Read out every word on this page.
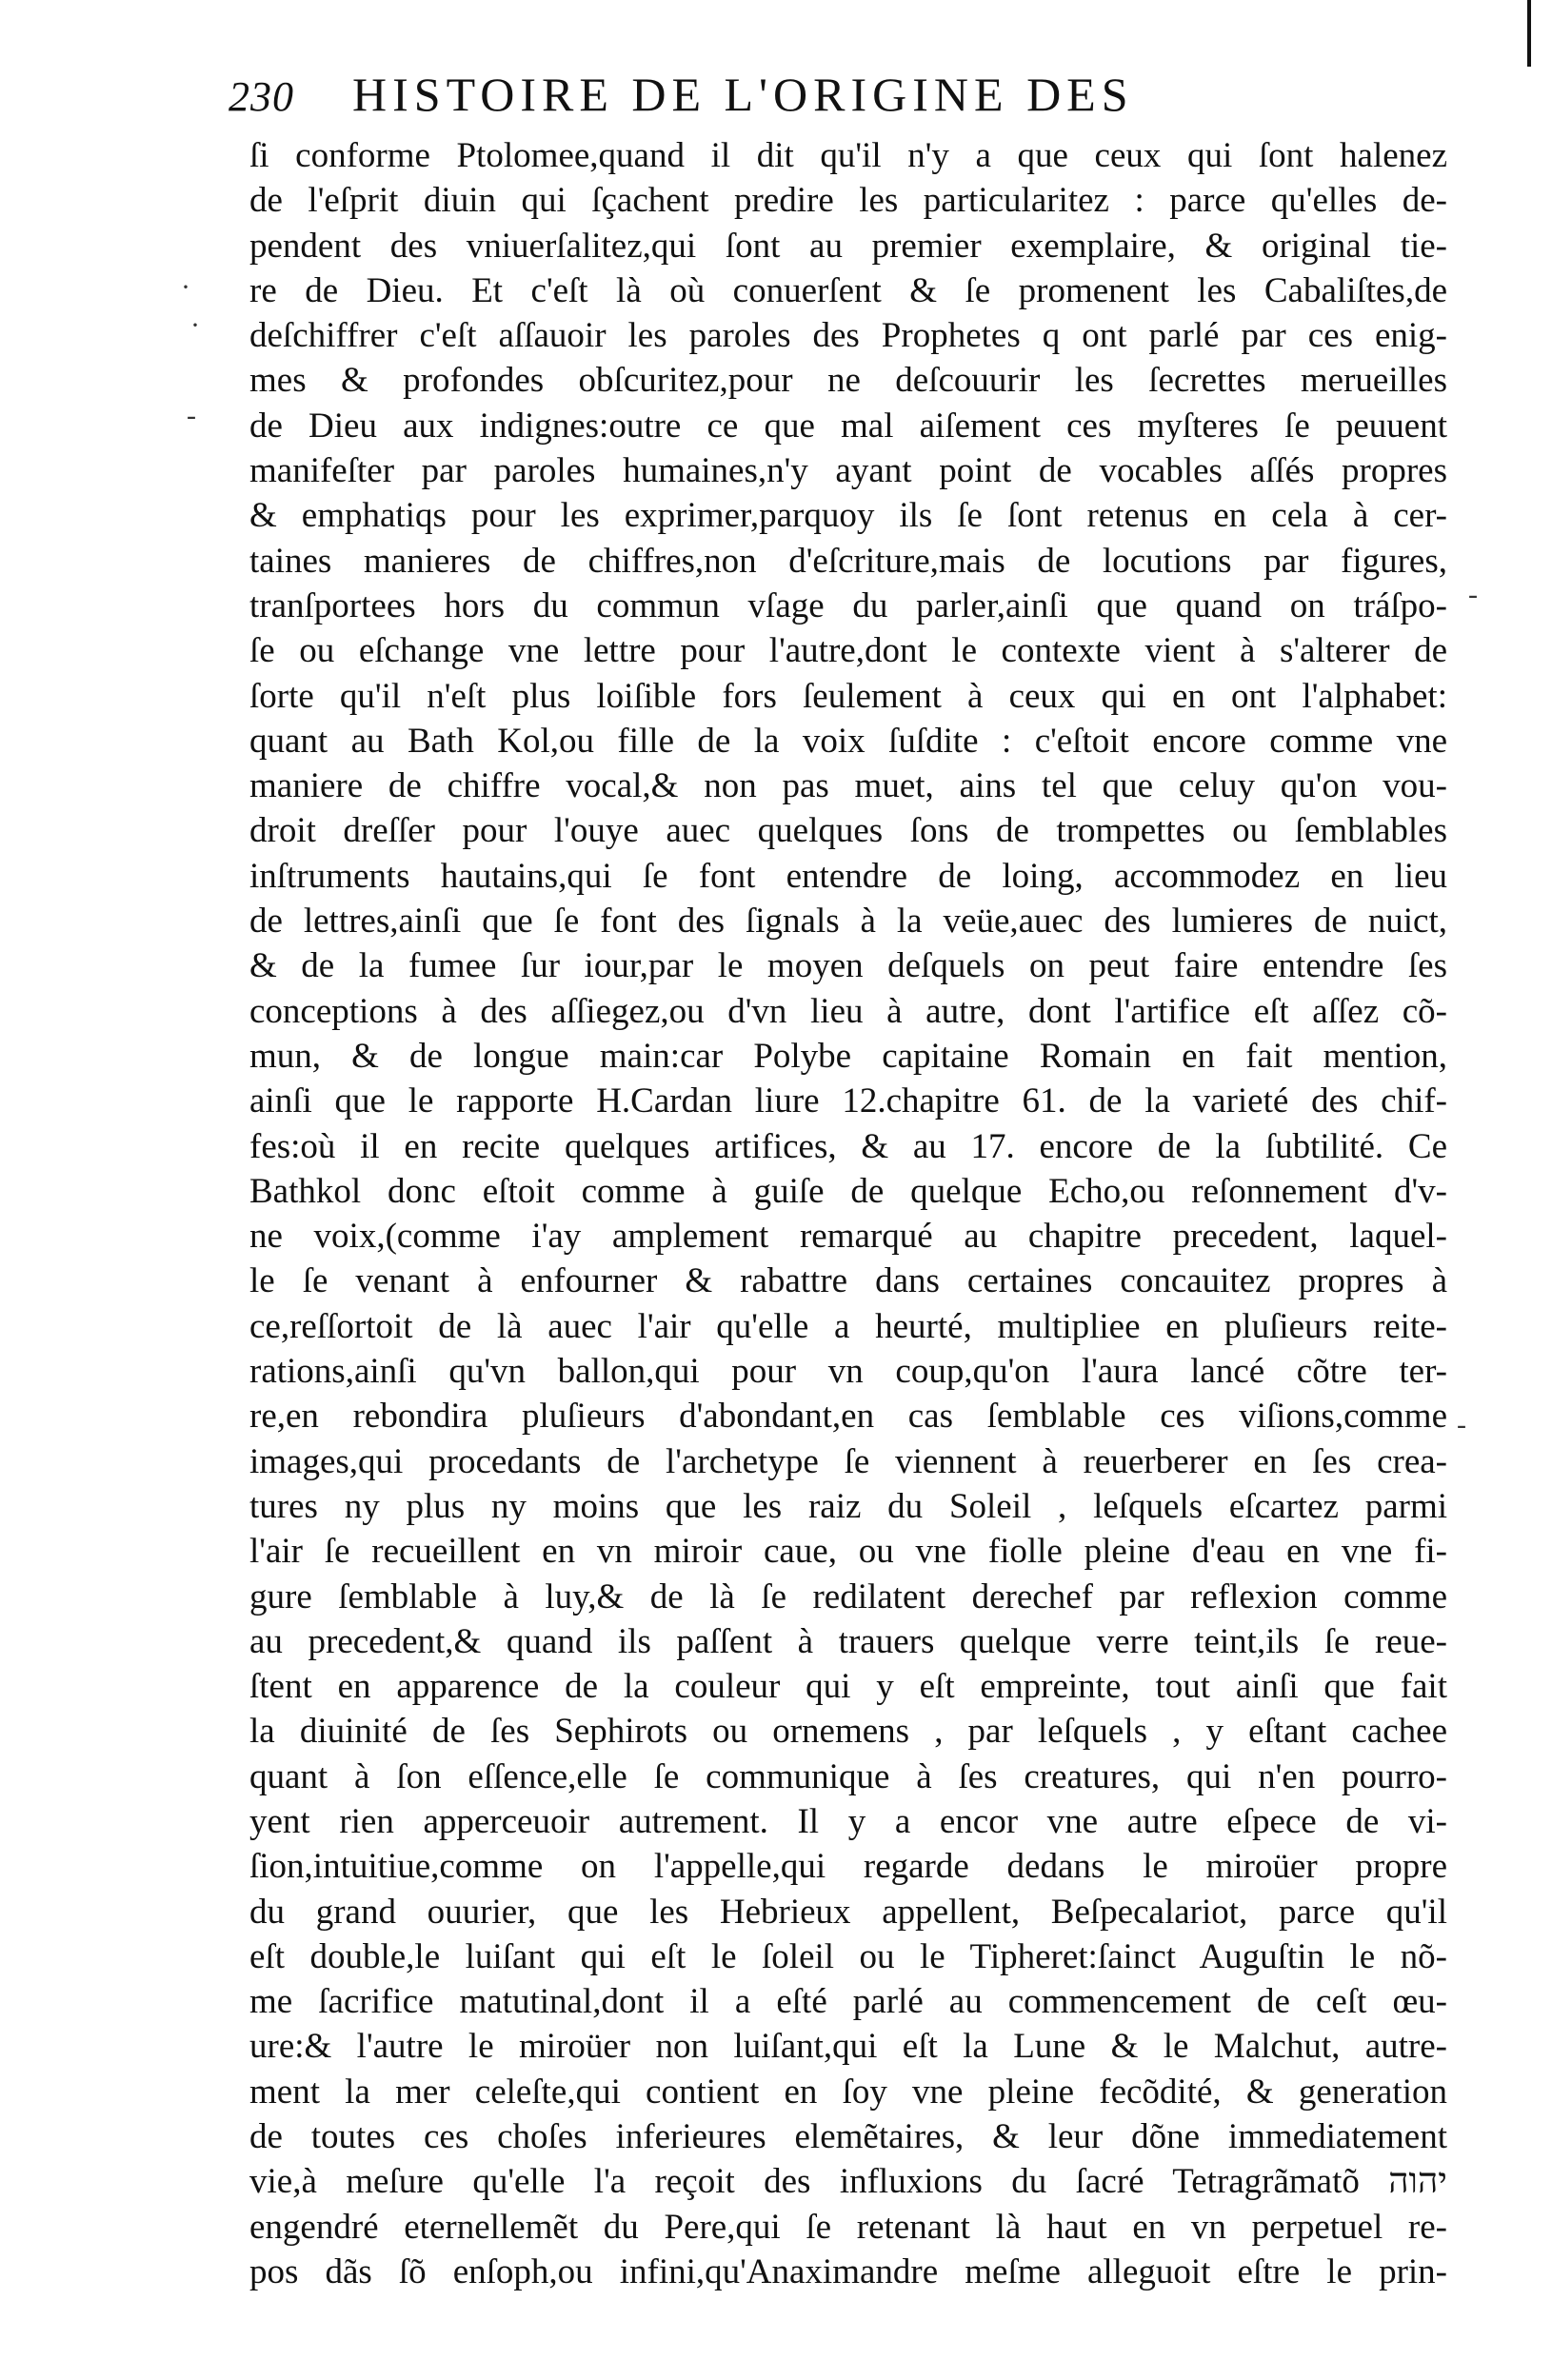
230 HISTOIRE DE L'ORIGINE DES
·
·
-
-
-
ſi conforme Ptolomee,quand il dit qu'il n'y a que ceux qui ſont halenez
de l'eſprit diuin qui ſçachent predire les particularitez : parce qu'elles de-
pendent des vniuerſalitez,qui ſont au premier exemplaire, & original tie-
re de Dieu. Et c'eſt là où conuerſent & ſe promenent les Cabaliſtes,de
deſchiffrer c'eſt aſſauoir les paroles des Prophetes q ont parlé par ces enig-
mes & profondes obſcuritez,pour ne deſcouurir les ſecrettes merueilles
de Dieu aux indignes:outre ce que mal aiſement ces myſteres ſe peuuent
manifeſter par paroles humaines,n'y ayant point de vocables aſſés propres
& emphatiqs pour les exprimer,parquoy ils ſe ſont retenus en cela à cer-
taines manieres de chiffres,non d'eſcriture,mais de locutions par figures,
tranſportees hors du commun vſage du parler,ainſi que quand on tráſpo-
ſe ou eſchange vne lettre pour l'autre,dont le contexte vient à s'alterer de
ſorte qu'il n'eſt plus loiſible fors ſeulement à ceux qui en ont l'alphabet:
quant au Bath Kol,ou fille de la voix ſuſdite : c'eſtoit encore comme vne
maniere de chiffre vocal,& non pas muet, ains tel que celuy qu'on vou-
droit dreſſer pour l'ouye auec quelques ſons de trompettes ou ſemblables
inſtruments hautains,qui ſe font entendre de loing, accommodez en lieu
de lettres,ainſi que ſe font des ſignals à la veüe,auec des lumieres de nuict,
& de la fumee ſur iour,par le moyen deſquels on peut faire entendre ſes
conceptions à des aſſiegez,ou d'vn lieu à autre, dont l'artifice eſt aſſez cõ-
mun, & de longue main:car Polybe capitaine Romain en fait mention,
ainſi que le rapporte H.Cardan liure 12.chapitre 61. de la varieté des chif-
fes:où il en recite quelques artifices, & au 17. encore de la ſubtilité. Ce
Bathkol donc eſtoit comme à guiſe de quelque Echo,ou reſonnement d'v-
ne voix,(comme i'ay amplement remarqué au chapitre precedent, laquel-
le ſe venant à enfourner & rabattre dans certaines concauitez propres à
ce,reſſortoit de là auec l'air qu'elle a heurté, multipliee en pluſieurs reite-
rations,ainſi qu'vn ballon,qui pour vn coup,qu'on l'aura lancé cõtre ter-
re,en rebondira pluſieurs d'abondant,en cas ſemblable ces viſions,comme
images,qui procedants de l'archetype ſe viennent à reuerberer en ſes crea-
tures ny plus ny moins que les raiz du Soleil , leſquels eſcartez parmi
l'air ſe recueillent en vn miroir caue, ou vne fiolle pleine d'eau en vne fi-
gure ſemblable à luy,& de là ſe redilatent derechef par reflexion comme
au precedent,& quand ils paſſent à trauers quelque verre teint,ils ſe reue-
ſtent en apparence de la couleur qui y eſt empreinte, tout ainſi que fait
la diuinité de ſes Sephirots ou ornemens , par leſquels , y eſtant cachee
quant à ſon eſſence,elle ſe communique à ſes creatures, qui n'en pourro-
yent rien apperceuoir autrement. Il y a encor vne autre eſpece de vi-
ſion,intuitiue,comme on l'appelle,qui regarde dedans le miroüer propre
du grand ouurier, que les Hebrieux appellent, Beſpecalariot, parce qu'il
eſt double,le luiſant qui eſt le ſoleil ou le Tipheret:ſainct Auguſtin le nõ-
me ſacrifice matutinal,dont il a eſté parlé au commencement de ceſt œu-
ure:& l'autre le miroüer non luiſant,qui eſt la Lune & le Malchut, autre-
ment la mer celeſte,qui contient en ſoy vne pleine fecõdité, & generation
de toutes ces choſes inferieures elemẽtaires, & leur dõne immediatement
vie,à meſure qu'elle l'a reçoit des influxions du ſacré Tetragrãmatõ יהוה
engendré eternellemẽt du Pere,qui ſe retenant là haut en vn perpetuel re-
pos dãs ſõ enſoph,ou infini,qu'Anaximandre meſme alleguoit eſtre le prin-
